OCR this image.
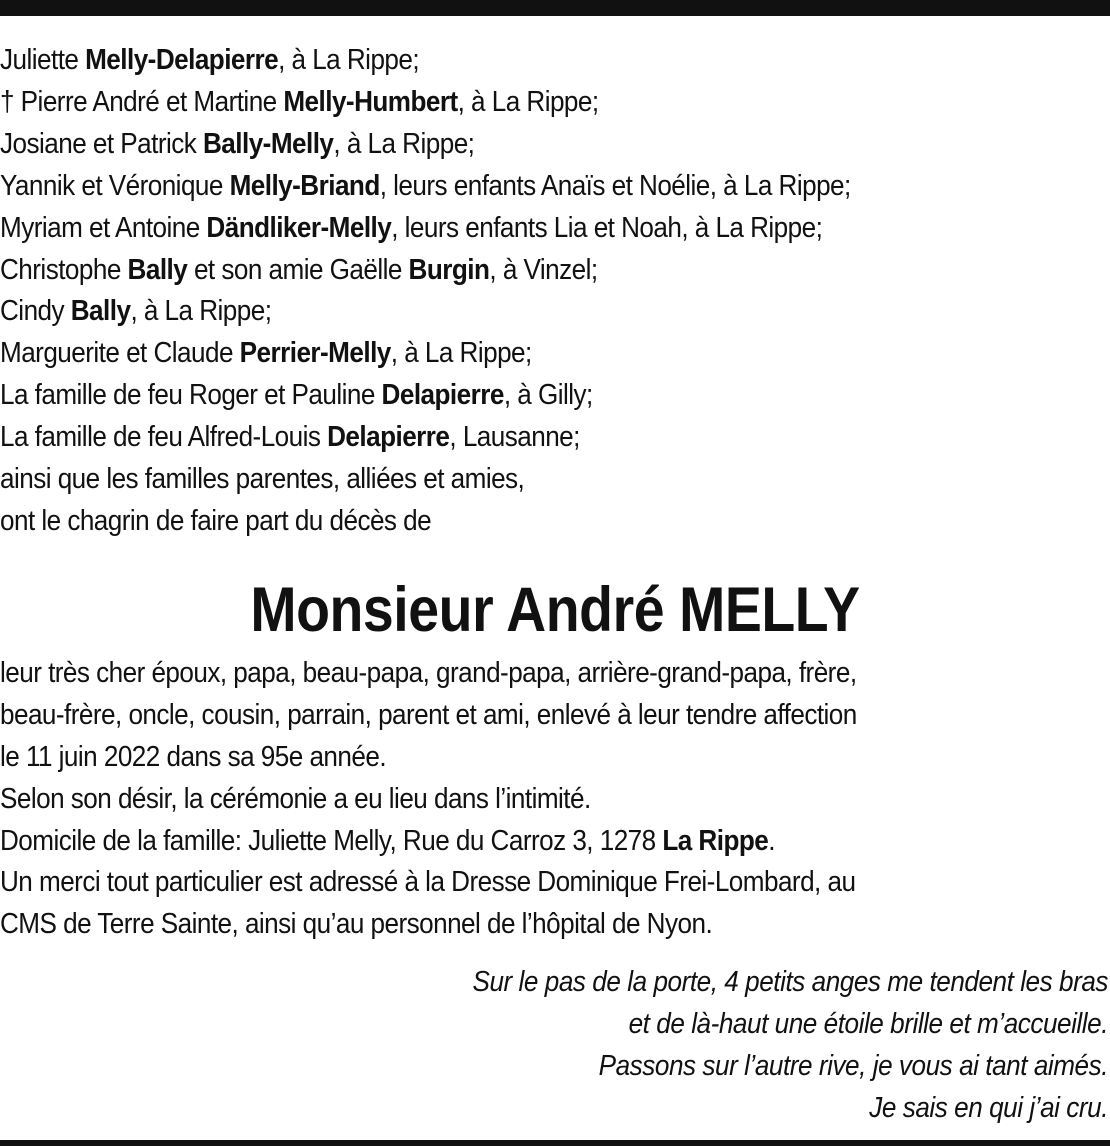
Juliette Melly-Delapierre, à La Rippe;
† Pierre André et Martine Melly-Humbert, à La Rippe;
Josiane et Patrick Bally-Melly, à La Rippe;
Yannik et Véronique Melly-Briand, leurs enfants Anaïs et Noélie, à La Rippe;
Myriam et Antoine Dändliker-Melly, leurs enfants Lia et Noah, à La Rippe;
Christophe Bally et son amie Gaëlle Burgin, à Vinzel;
Cindy Bally, à La Rippe;
Marguerite et Claude Perrier-Melly, à La Rippe;
La famille de feu Roger et Pauline Delapierre, à Gilly;
La famille de feu Alfred-Louis Delapierre, Lausanne;
ainsi que les familles parentes, alliées et amies,
ont le chagrin de faire part du décès de
Monsieur André MELLY
leur très cher époux, papa, beau-papa, grand-papa, arrière-grand-papa, frère,
beau-frère, oncle, cousin, parrain, parent et ami, enlevé à leur tendre affection
le 11 juin 2022 dans sa 95e année.
Selon son désir, la cérémonie a eu lieu dans l’intimité.
Domicile de la famille: Juliette Melly, Rue du Carroz 3, 1278 La Rippe.
Un merci tout particulier est adressé à la Dresse Dominique Frei-Lombard, au
CMS de Terre Sainte, ainsi qu’au personnel de l’hôpital de Nyon.
Sur le pas de la porte, 4 petits anges me tendent les bras
et de là-haut une étoile brille et m’accueille.
Passons sur l’autre rive, je vous ai tant aimés.
Je sais en qui j’ai cru.
